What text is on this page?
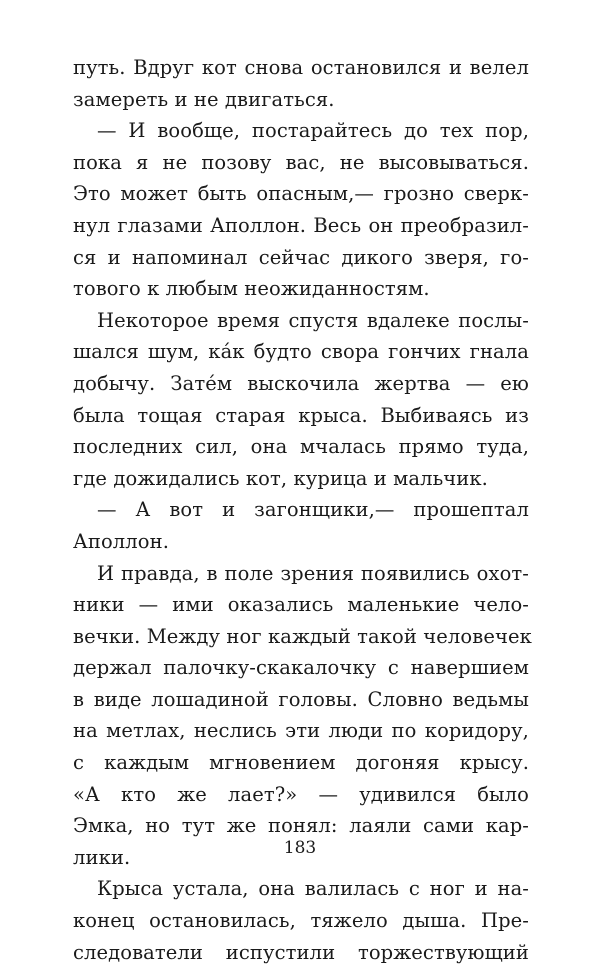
путь. Вдруг кот снова остановился и велел
замереть и не двигаться.
— И вообще, постарайтесь до тех пор,
пока я не позову вас, не высовываться.
Это может быть опасным,— грозно сверк-
нул глазами Аполлон. Весь он преобразил-
ся и напоминал сейчас дикого зверя, го-
тового к любым неожиданностям.
Некоторое время спустя вдалеке послы-
шался шум, ка́к будто свора гончих гнала
добычу. Зате́м выскочила жертва — ею
была тощая старая крыса. Выбиваясь из
последних сил, она мчалась прямо туда,
где дожидались кот, курица и мальчик.
— А вот и загонщики,— прошептал
Аполлон.
И правда, в поле зрения появились охот-
ники — ими оказались маленькие чело-
вечки. Между ног каждый такой человечек
держал палочку-скакалочку с навершием
в виде лошадиной головы. Словно ведьмы
на метлах, неслись эти люди по коридору,
с каждым мгновением догоняя крысу.
«А кто же лает?» — удивился было
Эмка, но тут же понял: лаяли сами кар-
лики.
Крыса устала, она валилась с ног и на-
конец остановилась, тяжело дыша. Пре-
следователи испустили торжествующий
183
